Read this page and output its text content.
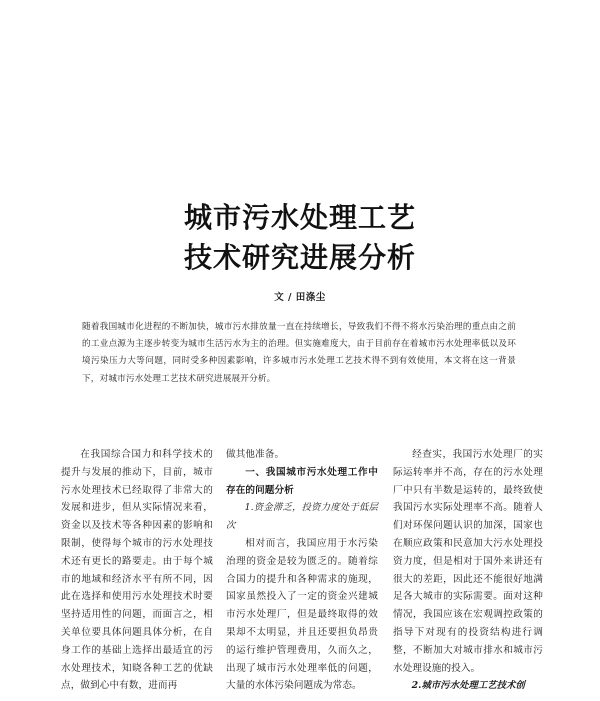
城市污水处理工艺
技术研究进展分析
文 / 田涤尘
随着我国城市化进程的不断加快，城市污水排放量一直在持续增长，导致我们不得不将水污染治理的重点由之前的工业点源为主逐步转变为城市生活污水为主的治理。但实施难度大，由于目前存在着城市污水处理率低以及环境污染压力大等问题，同时受多种因素影响，许多城市污水处理工艺技术得不到有效使用，本文将在这一背景下，对城市污水处理工艺技术研究进展展开分析。

在我国综合国力和科学技术的提升与发展的推动下，目前，城市污水处理技术已经取得了非常大的发展和进步，但从实际情况来看，资金以及技术等各种因素的影响和限制，使得每个城市的污水处理技术还有更长的路要走。由于每个城市的地域和经济水平有所不同，因此在选择和使用污水处理技术时要坚持适用性的问题，而面言之，相关单位要具体问题具体分析，在自身工作的基础上选择出最适宜的污水处理技术，知晓各种工艺的优缺点，做到心中有数，进而再

做其他准备。

一、我国城市污水处理工作中存在的问题分析

1.资金滞乏，投资力度处于低层次

相对而言，我国应用于水污染治理的资金是较为匮乏的。随着综合国力的提升和各种需求的施现，国家虽然投入了一定的资金兴建城市污水处理厂，但是最终取得的效果却不太明显，并且还要担负昂贵的运行维护管理费用，久而久之，出现了城市污水处理率低的问题，大量的水体污染问题成为常态。

经查实，我国污水处理厂的实际运转率并不高，存在的污水处理厂中只有半数是运转的，最终致使我国污水实际处理率不高。随着人们对环保问题认识的加深，国家也在顺应政策和民意加大污水处理投资力度，但是相对于国外来讲还有很大的差距，因此还不能很好地满足各大城市的实际需要。面对这种情况，我国应该在宏观调控政策的指导下对现有的投资结构进行调整，不断加大对城市排水和城市污水处理设施的投入。

2.城市污水处理工艺技术创
